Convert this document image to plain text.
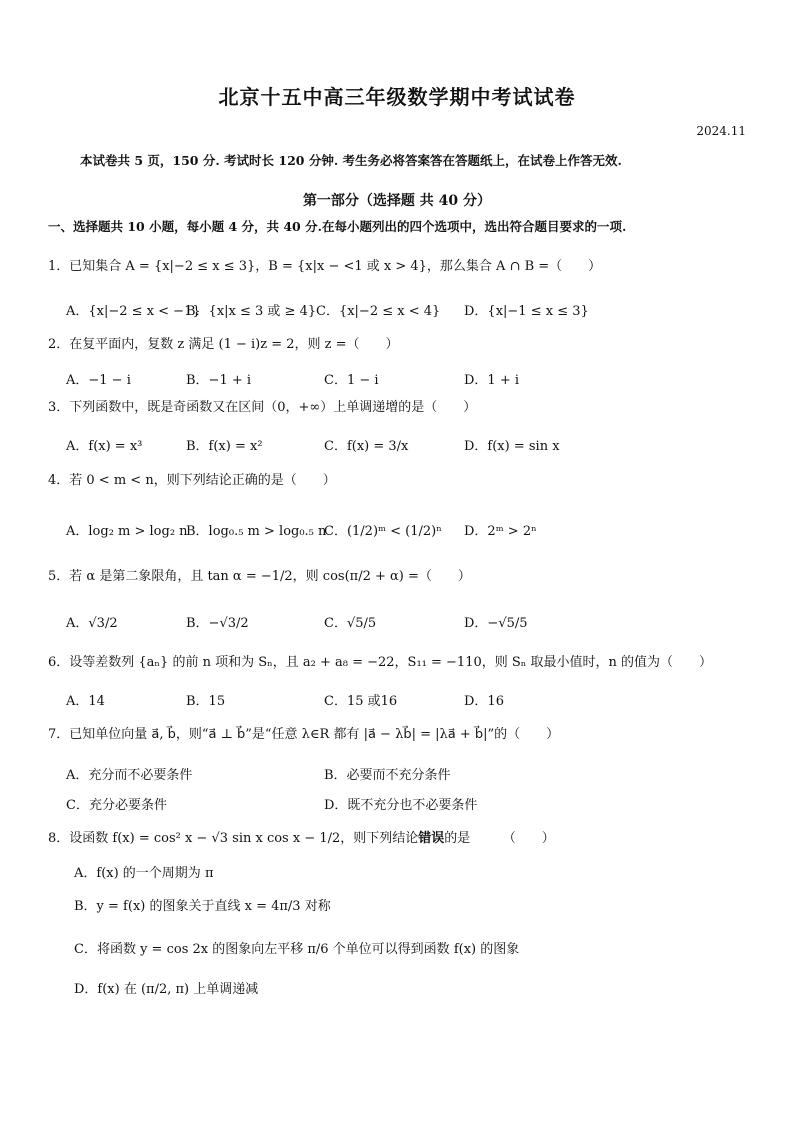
北京十五中高三年级数学期中考试试卷
2024.11
本试卷共 5 页，150 分. 考试时长 120 分钟. 考生务必将答案答在答题纸上，在试卷上作答无效.
第一部分（选择题 共 40 分）
一、选择题共 10 小题，每小题 4 分，共 40 分.在每小题列出的四个选项中，选出符合题目要求的一项.
1．已知集合 A = {x|−2 ≤ x ≤ 3}，B = {x|x − <1 或 x > 4}，那么集合 A ∩ B =（　　）
A．{x|−2 ≤ x < −1}
B．{x|x ≤ 3 或 ≥ 4} C．{x|−2 ≤ x < 4} D．{x|−1 ≤ x ≤ 3}
2．在复平面内，复数 z 满足 (1 − i)z = 2，则 z =（　　）
A．−1 − i	B．−1 + i	C．1 − i	D．1 + i
3．下列函数中，既是奇函数又在区间（0，+∞）上单调递增的是（　　）
A．f(x) = x³	B．f(x) = x²	C．f(x) = 3/x	D．f(x) = sin x
4．若 0 < m < n，则下列结论正确的是（　　）
A．log₂ m > log₂ n
B．log₀.₅ m > log₀.₅ n
C．(1/2)ᵐ < (1/2)ⁿ D．2ᵐ > 2ⁿ
5．若 α 是第二象限角，且 tan α = −1/2，则 cos(π/2 + α) =（　　）
A．√3/2	B．−√3/2	C．√5/5	D．−√5/5
6．设等差数列 {aₙ} 的前 n 项和为 Sₙ，且 a₂ + a₈ = −22，S₁₁ = −110，则 Sₙ 取最小值时，n 的值为（　　）
A．14	B．15	C．15 或16	D．16
7．已知单位向量 a⃗, b⃗，则“a⃗ ⊥ b⃗”是“任意 λ∈R 都有 |a⃗ − λb⃗| = |λa⃗ + b⃗|”的（　　）
A．充分而不必要条件	B．必要而不充分条件
C．充分必要条件	D．既不充分也不必要条件
8．设函数 f(x) = cos² x − √3 sin x cos x − 1/2，则下列结论错误的是　　　（　　）
A．f(x) 的一个周期为 π
B．y = f(x) 的图象关于直线 x = 4π/3 对称
C．将函数 y = cos 2x 的图象向左平移 π/6 个单位可以得到函数 f(x) 的图象
D．f(x) 在 (π/2, π) 上单调递减
